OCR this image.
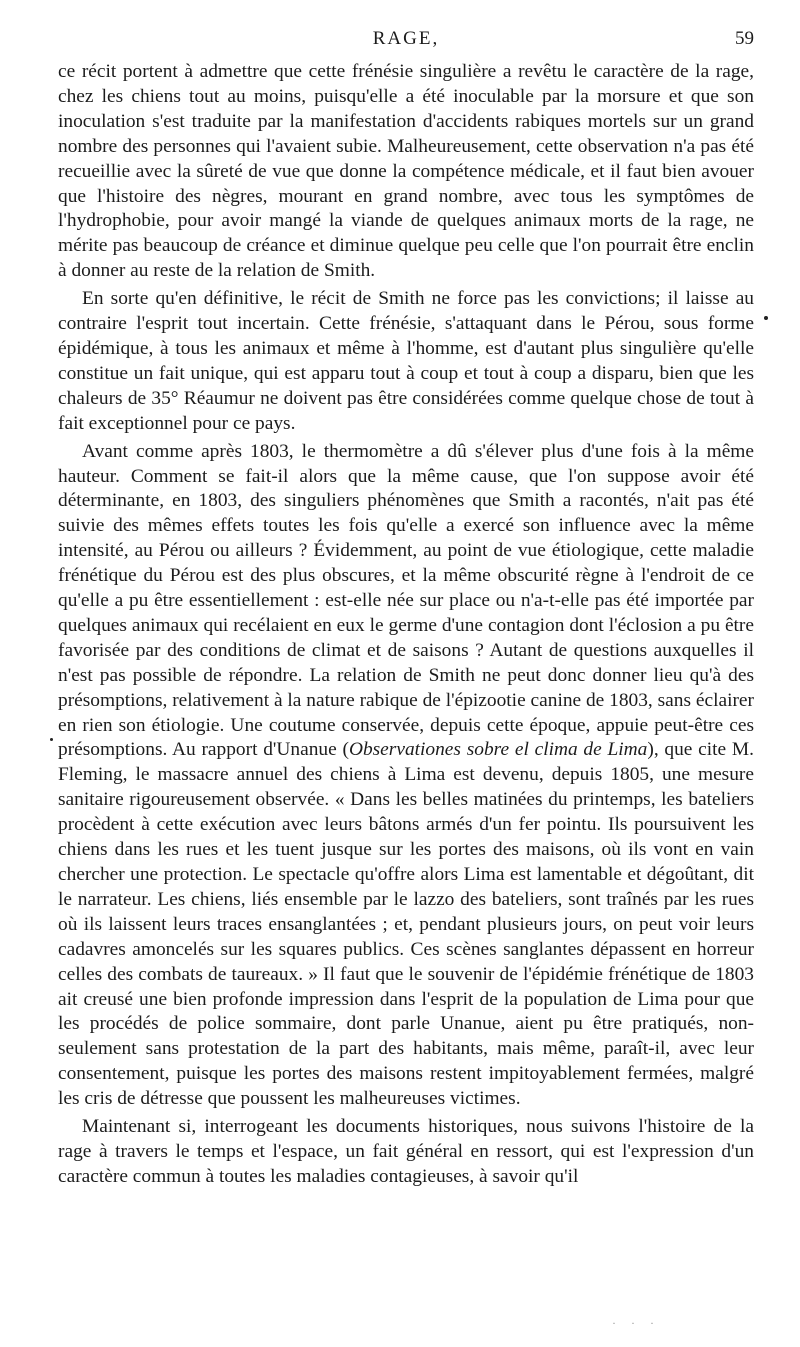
RAGE,	59

ce récit portent à admettre que cette frénésie singulière a revêtu le caractère de la rage, chez les chiens tout au moins, puisqu'elle a été inoculable par la morsure et que son inoculation s'est traduite par la manifestation d'accidents rabiques mortels sur un grand nombre des personnes qui l'avaient subie. Malheureusement, cette observation n'a pas été recueillie avec la sûreté de vue que donne la compétence médicale, et il faut bien avouer que l'histoire des nègres, mourant en grand nombre, avec tous les symptômes de l'hydrophobie, pour avoir mangé la viande de quelques animaux morts de la rage, ne mérite pas beaucoup de créance et diminue quelque peu celle que l'on pourrait être enclin à donner au reste de la relation de Smith.

En sorte qu'en définitive, le récit de Smith ne force pas les convictions; il laisse au contraire l'esprit tout incertain. Cette frénésie, s'attaquant dans le Pérou, sous forme épidémique, à tous les animaux et même à l'homme, est d'autant plus singulière qu'elle constitue un fait unique, qui est apparu tout à coup et tout à coup a disparu, bien que les chaleurs de 35° Réaumur ne doivent pas être considérées comme quelque chose de tout à fait exceptionnel pour ce pays.

Avant comme après 1803, le thermomètre a dû s'élever plus d'une fois à la même hauteur. Comment se fait-il alors que la même cause, que l'on suppose avoir été déterminante, en 1803, des singuliers phénomènes que Smith a racontés, n'ait pas été suivie des mêmes effets toutes les fois qu'elle a exercé son influence avec la même intensité, au Pérou ou ailleurs ? Évidemment, au point de vue étiologique, cette maladie frénétique du Pérou est des plus obscures, et la même obscurité règne à l'endroit de ce qu'elle a pu être essentiellement : est-elle née sur place ou n'a-t-elle pas été importée par quelques animaux qui recélaient en eux le germe d'une contagion dont l'éclosion a pu être favorisée par des conditions de climat et de saisons ? Autant de questions auxquelles il n'est pas possible de répondre. La relation de Smith ne peut donc donner lieu qu'à des présomptions, relativement à la nature rabique de l'épizootie canine de 1803, sans éclairer en rien son étiologie. Une coutume conservée, depuis cette époque, appuie peut-être ces présomptions. Au rapport d'Unanue (Observationes sobre el clima de Lima), que cite M. Fleming, le massacre annuel des chiens à Lima est devenu, depuis 1805, une mesure sanitaire rigoureusement observée. « Dans les belles matinées du printemps, les bateliers procèdent à cette exécution avec leurs bâtons armés d'un fer pointu. Ils poursuivent les chiens dans les rues et les tuent jusque sur les portes des maisons, où ils vont en vain chercher une protection. Le spectacle qu'offre alors Lima est lamentable et dégoûtant, dit le narrateur. Les chiens, liés ensemble par le lazzo des bateliers, sont traînés par les rues où ils laissent leurs traces ensanglantées ; et, pendant plusieurs jours, on peut voir leurs cadavres amoncelés sur les squares publics. Ces scènes sanglantes dépassent en horreur celles des combats de taureaux. » Il faut que le souvenir de l'épidémie frénétique de 1803 ait creusé une bien profonde impression dans l'esprit de la population de Lima pour que les procédés de police sommaire, dont parle Unanue, aient pu être pratiqués, non-seulement sans protestation de la part des habitants, mais même, paraît-il, avec leur consentement, puisque les portes des maisons restent impitoyablement fermées, malgré les cris de détresse que poussent les malheureuses victimes.

Maintenant si, interrogeant les documents historiques, nous suivons l'histoire de la rage à travers le temps et l'espace, un fait général en ressort, qui est l'expression d'un caractère commun à toutes les maladies contagieuses, à savoir qu'il

· · ·
